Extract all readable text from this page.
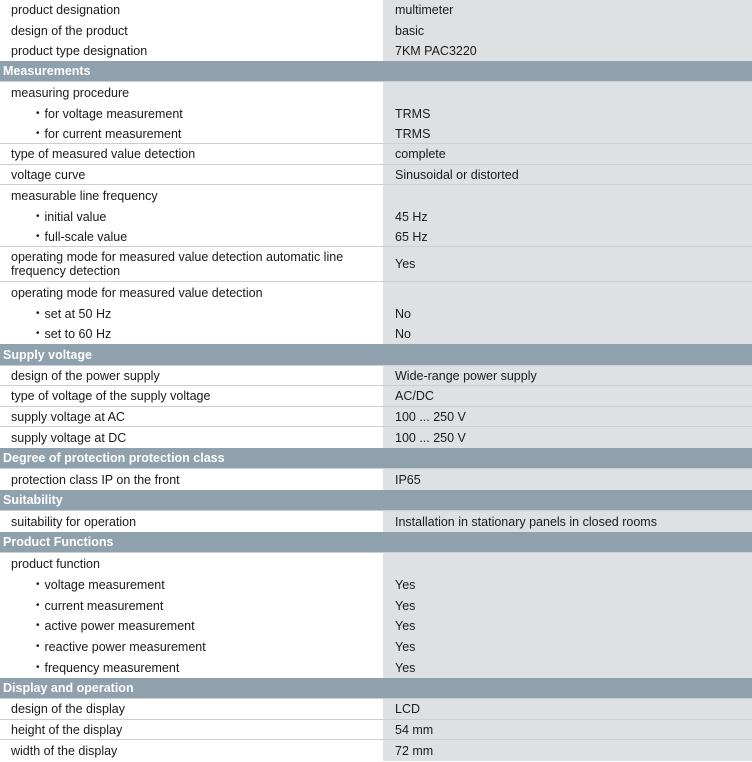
product designation	multimeter
design of the product	basic
product type designation	7KM PAC3220
Measurements
measuring procedure
• for voltage measurement	TRMS
• for current measurement	TRMS
type of measured value detection	complete
voltage curve	Sinusoidal or distorted
measurable line frequency
• initial value	45 Hz
• full-scale value	65 Hz
operating mode for measured value detection automatic line frequency detection	Yes
operating mode for measured value detection
• set at 50 Hz	No
• set to 60 Hz	No
Supply voltage
design of the power supply	Wide-range power supply
type of voltage of the supply voltage	AC/DC
supply voltage at AC	100 ... 250 V
supply voltage at DC	100 ... 250 V
Degree of protection protection class
protection class IP on the front	IP65
Suitability
suitability for operation	Installation in stationary panels in closed rooms
Product Functions
product function
• voltage measurement	Yes
• current measurement	Yes
• active power measurement	Yes
• reactive power measurement	Yes
• frequency measurement	Yes
Display and operation
design of the display	LCD
height of the display	54 mm
width of the display	72 mm
